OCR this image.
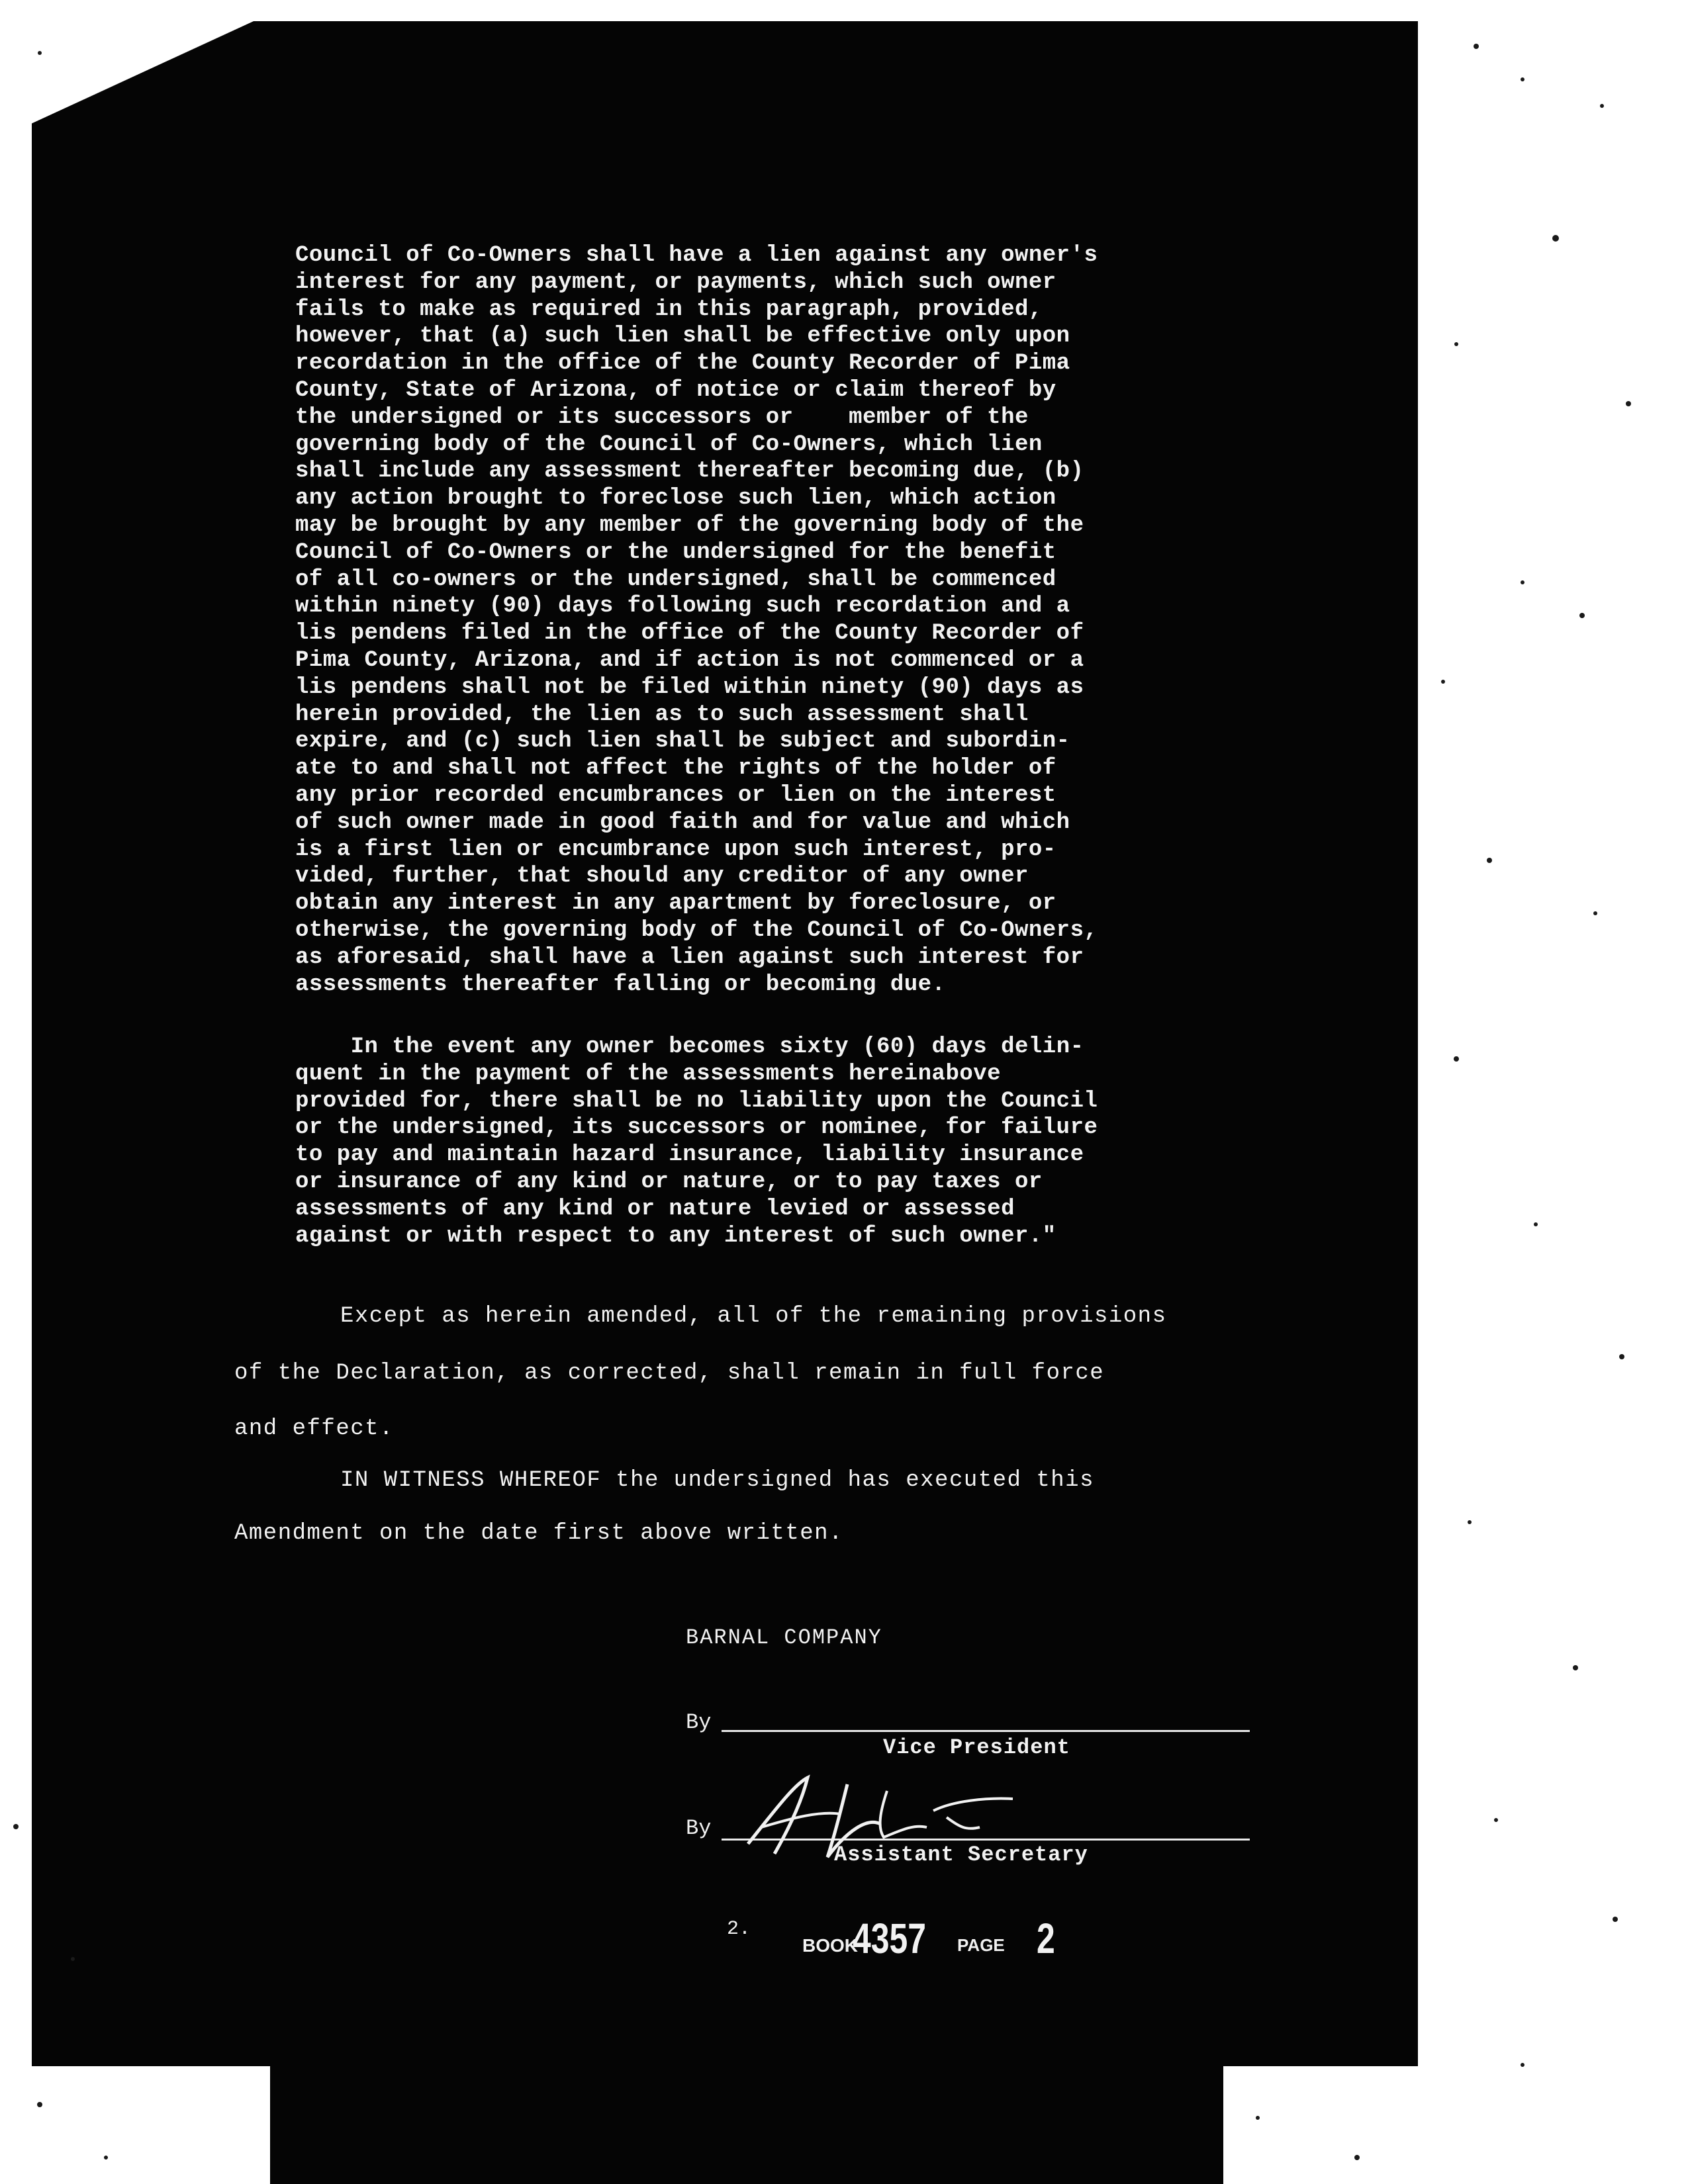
Council of Co-Owners shall have a lien against any owner's
interest for any payment, or payments, which such owner
fails to make as required in this paragraph, provided,
however, that (a) such lien shall be effective only upon
recordation in the office of the County Recorder of Pima
County, State of Arizona, of notice or claim thereof by
the undersigned or its successors or    member of the
governing body of the Council of Co-Owners, which lien
shall include any assessment thereafter becoming due, (b)
any action brought to foreclose such lien, which action
may be brought by any member of the governing body of the
Council of Co-Owners or the undersigned for the benefit
of all co-owners or the undersigned, shall be commenced
within ninety (90) days following such recordation and a
lis pendens filed in the office of the County Recorder of
Pima County, Arizona, and if action is not commenced or a
lis pendens shall not be filed within ninety (90) days as
herein provided, the lien as to such assessment shall
expire, and (c) such lien shall be subject and subordin-
ate to and shall not affect the rights of the holder of
any prior recorded encumbrances or lien on the interest
of such owner made in good faith and for value and which
is a first lien or encumbrance upon such interest, pro-
vided, further, that should any creditor of any owner
obtain any interest in any apartment by foreclosure, or
otherwise, the governing body of the Council of Co-Owners,
as aforesaid, shall have a lien against such interest for
assessments thereafter falling or becoming due.
In the event any owner becomes sixty (60) days delin-
quent in the payment of the assessments hereinabove
provided for, there shall be no liability upon the Council
or the undersigned, its successors or nominee, for failure
to pay and maintain hazard insurance, liability insurance
or insurance of any kind or nature, or to pay taxes or
assessments of any kind or nature levied or assessed
against or with respect to any interest of such owner."
Except as herein amended, all of the remaining provisions
of the Declaration, as corrected, shall remain in full force
and effect.
IN WITNESS WHEREOF the undersigned has executed this
Amendment on the date first above written.
BARNAL COMPANY
By
Vice President
By
Assistant Secretary
2.
BOOK
4357 PAGE 2
